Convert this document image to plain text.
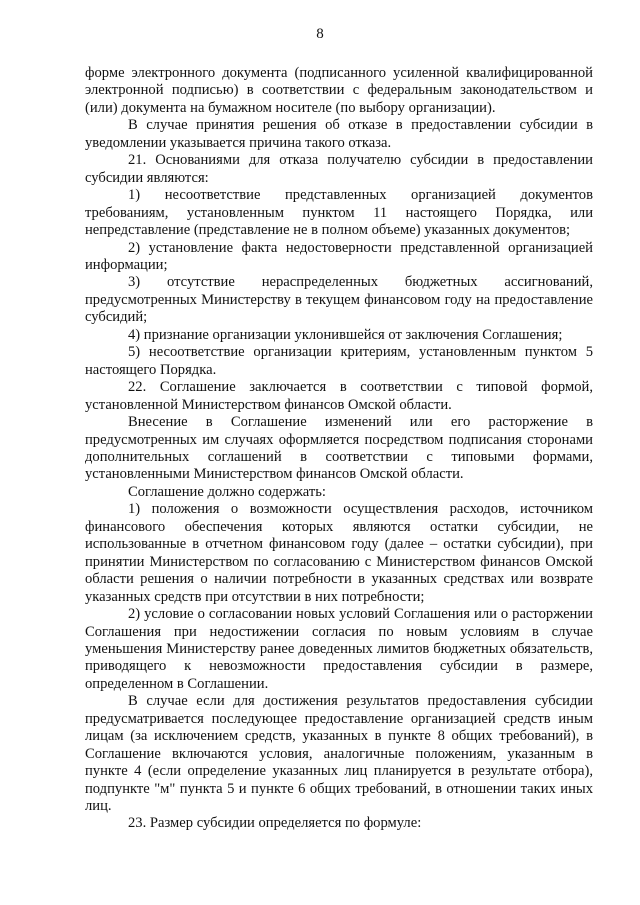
8

форме электронного документа (подписанного усиленной квалифицированной электронной подписью) в соответствии с федеральным законодательством и (или) документа на бумажном носителе (по выбору организации).

В случае принятия решения об отказе в предоставлении субсидии в уведомлении указывается причина такого отказа.

21. Основаниями для отказа получателю субсидии в предоставлении субсидии являются:

1) несоответствие представленных организацией документов требованиям, установленным пунктом 11 настоящего Порядка, или непредставление (представление не в полном объеме) указанных документов;

2) установление факта недостоверности представленной организацией информации;

3) отсутствие нераспределенных бюджетных ассигнований, предусмотренных Министерству в текущем финансовом году на предоставление субсидий;

4) признание организации уклонившейся от заключения Соглашения;

5) несоответствие организации критериям, установленным пунктом 5 настоящего Порядка.

22. Соглашение заключается в соответствии с типовой формой, установленной Министерством финансов Омской области.

Внесение в Соглашение изменений или его расторжение в предусмотренных им случаях оформляется посредством подписания сторонами дополнительных соглашений в соответствии с типовыми формами, установленными Министерством финансов Омской области.

Соглашение должно содержать:

1) положения о возможности осуществления расходов, источником финансового обеспечения которых являются остатки субсидии, не использованные в отчетном финансовом году (далее – остатки субсидии), при принятии Министерством по согласованию с Министерством финансов Омской области решения о наличии потребности в указанных средствах или возврате указанных средств при отсутствии в них потребности;

2) условие о согласовании новых условий Соглашения или о расторжении Соглашения при недостижении согласия по новым условиям в случае уменьшения Министерству ранее доведенных лимитов бюджетных обязательств, приводящего к невозможности предоставления субсидии в размере, определенном в Соглашении.

В случае если для достижения результатов предоставления субсидии предусматривается последующее предоставление организацией средств иным лицам (за исключением средств, указанных в пункте 8 общих требований), в Соглашение включаются условия, аналогичные положениям, указанным в пункте 4 (если определение указанных лиц планируется в результате отбора), подпункте "м" пункта 5 и пункте 6 общих требований, в отношении таких иных лиц.

23. Размер субсидии определяется по формуле:
